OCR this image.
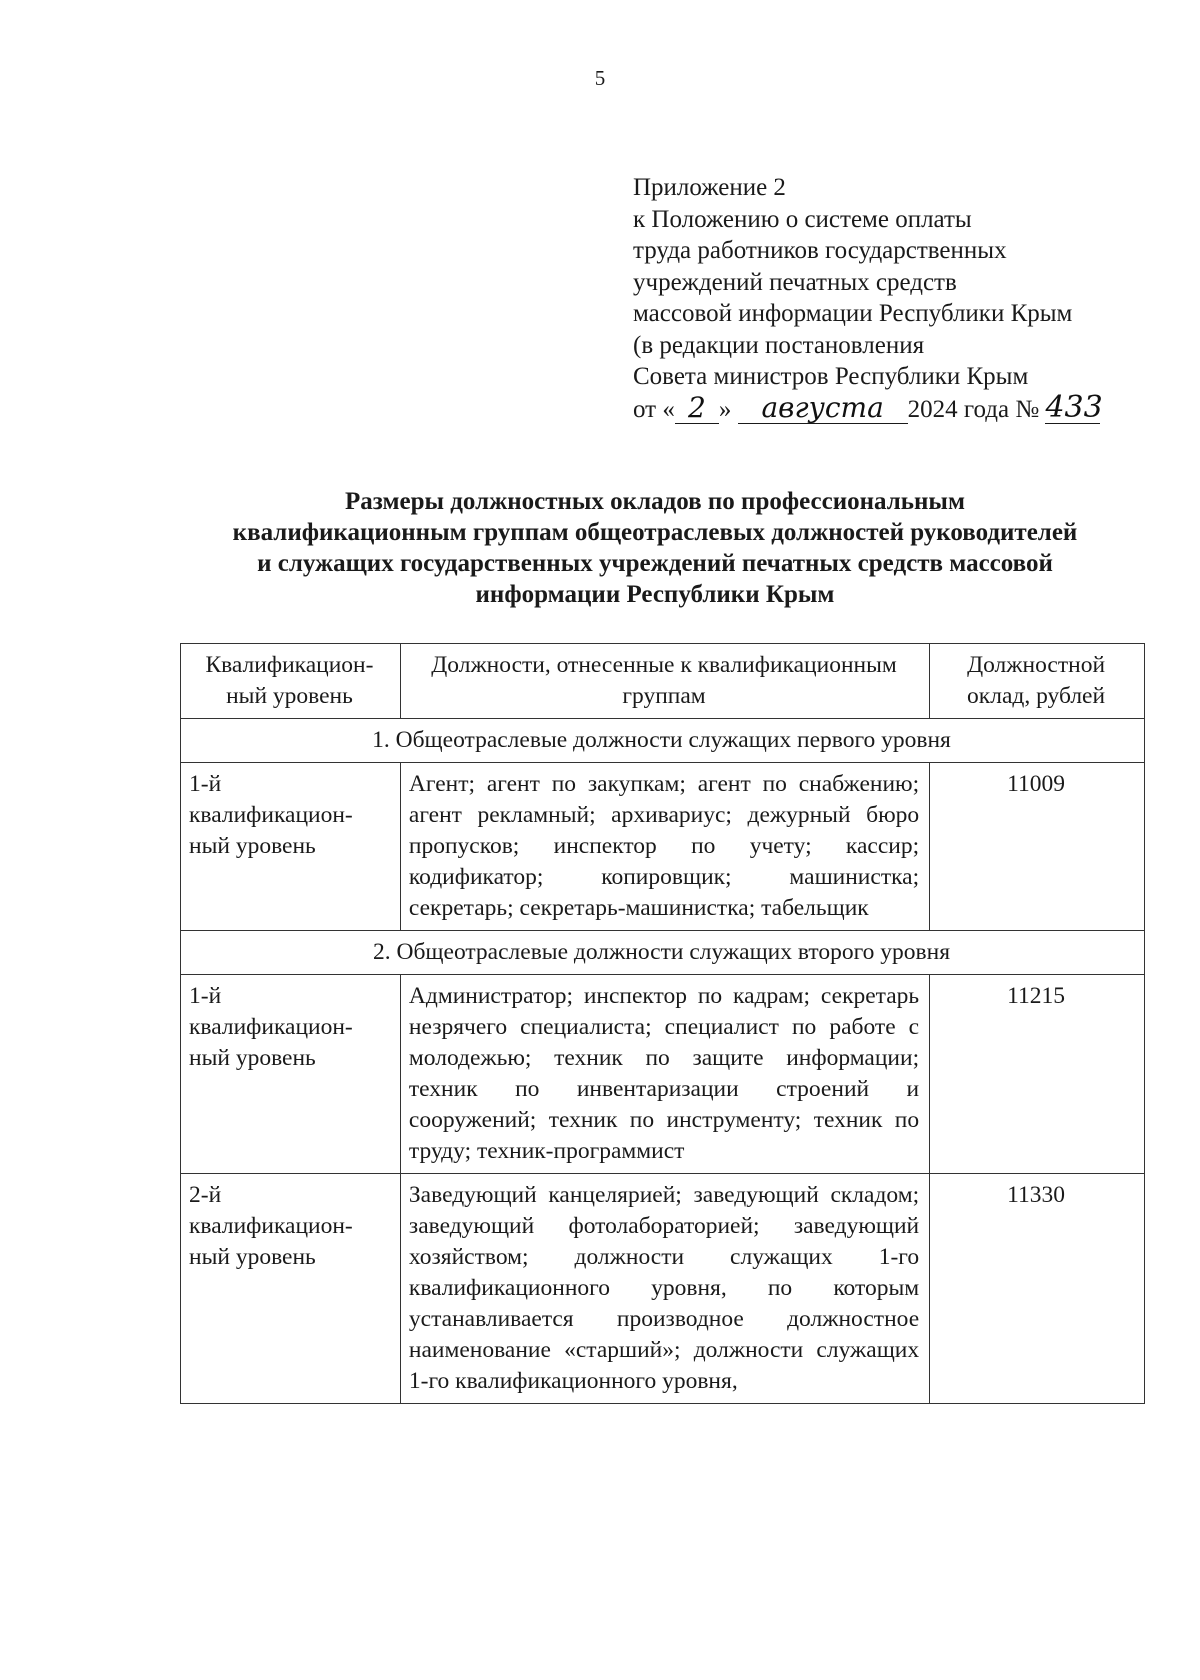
5
Приложение 2
к Положению о системе оплаты
труда работников государственных
учреждений печатных средств
массовой информации Республики Крым
(в редакции постановления
Совета министров Республики Крым
от « 2 » августа 2024 года № 433
Размеры должностных окладов по профессиональным
квалификационным группам общеотраслевых должностей руководителей
и служащих государственных учреждений печатных средств массовой
информации Республики Крым
Квалификацион-ный уровень	Должности, отнесенные к квалификационным группам	Должностной оклад, рублей
1. Общеотраслевые должности служащих первого уровня		
1-й квалификацион-ный уровень	Агент; агент по закупкам; агент по снабжению; агент рекламный; архивариус; дежурный бюро пропусков; инспектор по учету; кассир; кодификатор; копировщик; машинистка; секретарь; секретарь-машинистка; табельщик	11009
2. Общеотраслевые должности служащих второго уровня		
1-й квалификацион-ный уровень	Администратор; инспектор по кадрам; секретарь незрячего специалиста; специалист по работе с молодежью; техник по защите информации; техник по инвентаризации строений и сооружений; техник по инструменту; техник по труду; техник-программист	11215
2-й квалификацион-ный уровень	Заведующий канцелярией; заведующий складом; заведующий фотолабораторией; заведующий хозяйством; должности служащих 1-го квалификационного уровня, по которым устанавливается производное должностное наименование «старший»; должности служащих 1-го квалификационного уровня,	11330
